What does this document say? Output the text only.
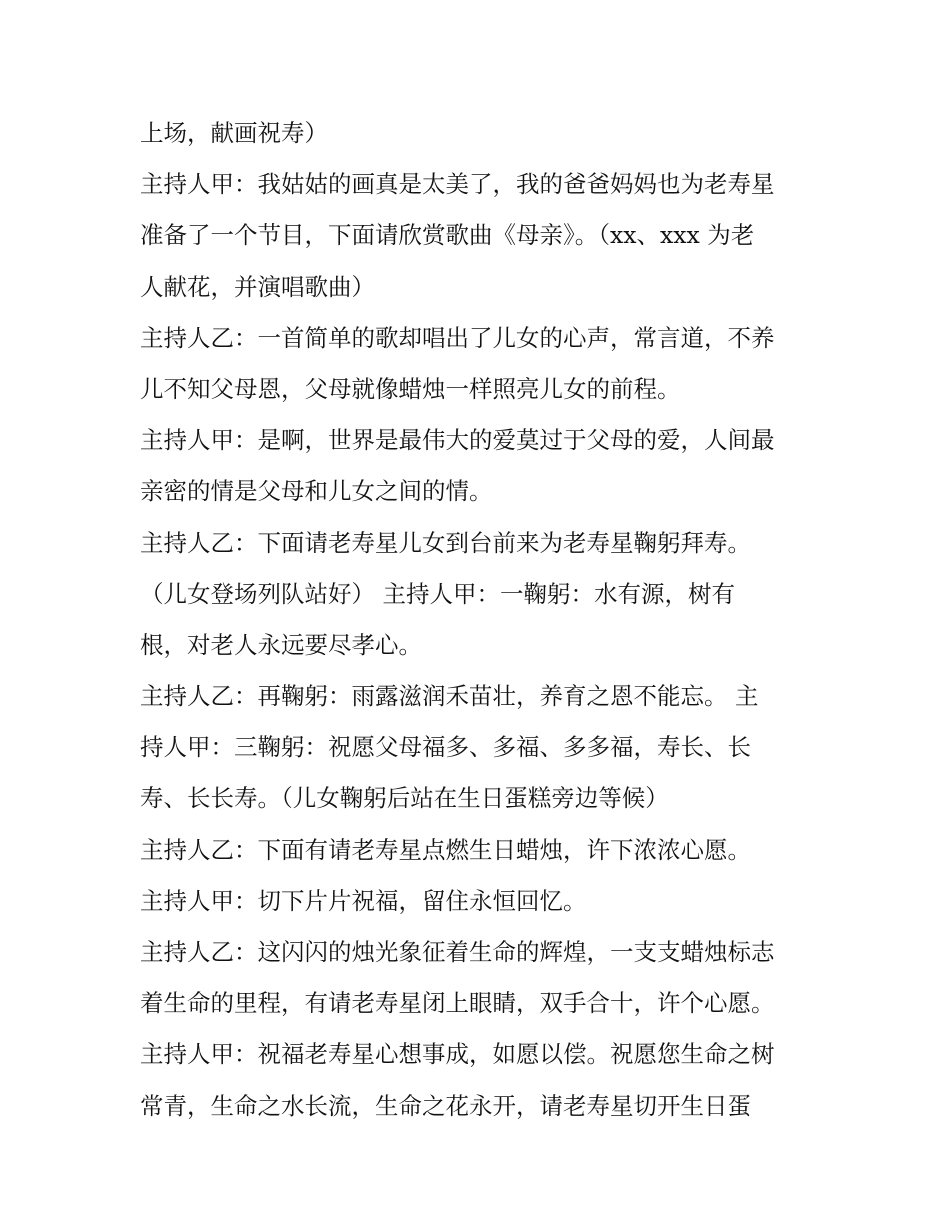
上场，献画祝寿）
主持人甲：我姑姑的画真是太美了，我的爸爸妈妈也为老寿星
准备了一个节目，下面请欣赏歌曲《母亲》。（xx、xxx 为老
人献花，并演唱歌曲）
主持人乙：一首简单的歌却唱出了儿女的心声，常言道，不养
儿不知父母恩，父母就像蜡烛一样照亮儿女的前程。
主持人甲：是啊，世界是最伟大的爱莫过于父母的爱，人间最
亲密的情是父母和儿女之间的情。
主持人乙：下面请老寿星儿女到台前来为老寿星鞠躬拜寿。
（儿女登场列队站好） 主持人甲：一鞠躬：水有源，树有
根，对老人永远要尽孝心。
主持人乙：再鞠躬：雨露滋润禾苗壮，养育之恩不能忘。 主
持人甲：三鞠躬：祝愿父母福多、多福、多多福，寿长、长
寿、长长寿。（儿女鞠躬后站在生日蛋糕旁边等候）
主持人乙：下面有请老寿星点燃生日蜡烛，许下浓浓心愿。
主持人甲：切下片片祝福，留住永恒回忆。
主持人乙：这闪闪的烛光象征着生命的辉煌，一支支蜡烛标志
着生命的里程，有请老寿星闭上眼睛，双手合十，许个心愿。
主持人甲：祝福老寿星心想事成，如愿以偿。祝愿您生命之树
常青，生命之水长流，生命之花永开，请老寿星切开生日蛋
